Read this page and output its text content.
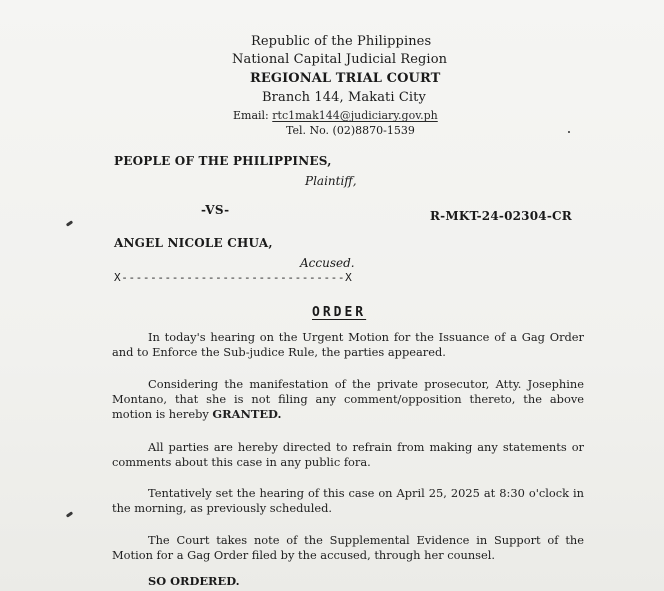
Republic of the Philippines
National Capital Judicial Region
REGIONAL TRIAL COURT
Branch 144, Makati City
Email: rtc1mak144@judiciary.gov.ph
Tel. No. (02)8870-1539
PEOPLE OF THE PHILIPPINES,
Plaintiff,
-VS-	R-MKT-24-02304-CR
ANGEL NICOLE CHUA,
Accused.
X-------------------------------X
ORDER
In today's hearing on the Urgent Motion for the Issuance of a Gag Order and to Enforce the Sub-judice Rule, the parties appeared.
Considering the manifestation of the private prosecutor, Atty. Josephine Montano, that she is not filing any comment/opposition thereto, the above motion is hereby GRANTED.
All parties are hereby directed to refrain from making any statements or comments about this case in any public fora.
Tentatively set the hearing of this case on April 25, 2025 at 8:30 o'clock in the morning, as previously scheduled.
The Court takes note of the Supplemental Evidence in Support of the Motion for a Gag Order filed by the accused, through her counsel.
SO ORDERED.
